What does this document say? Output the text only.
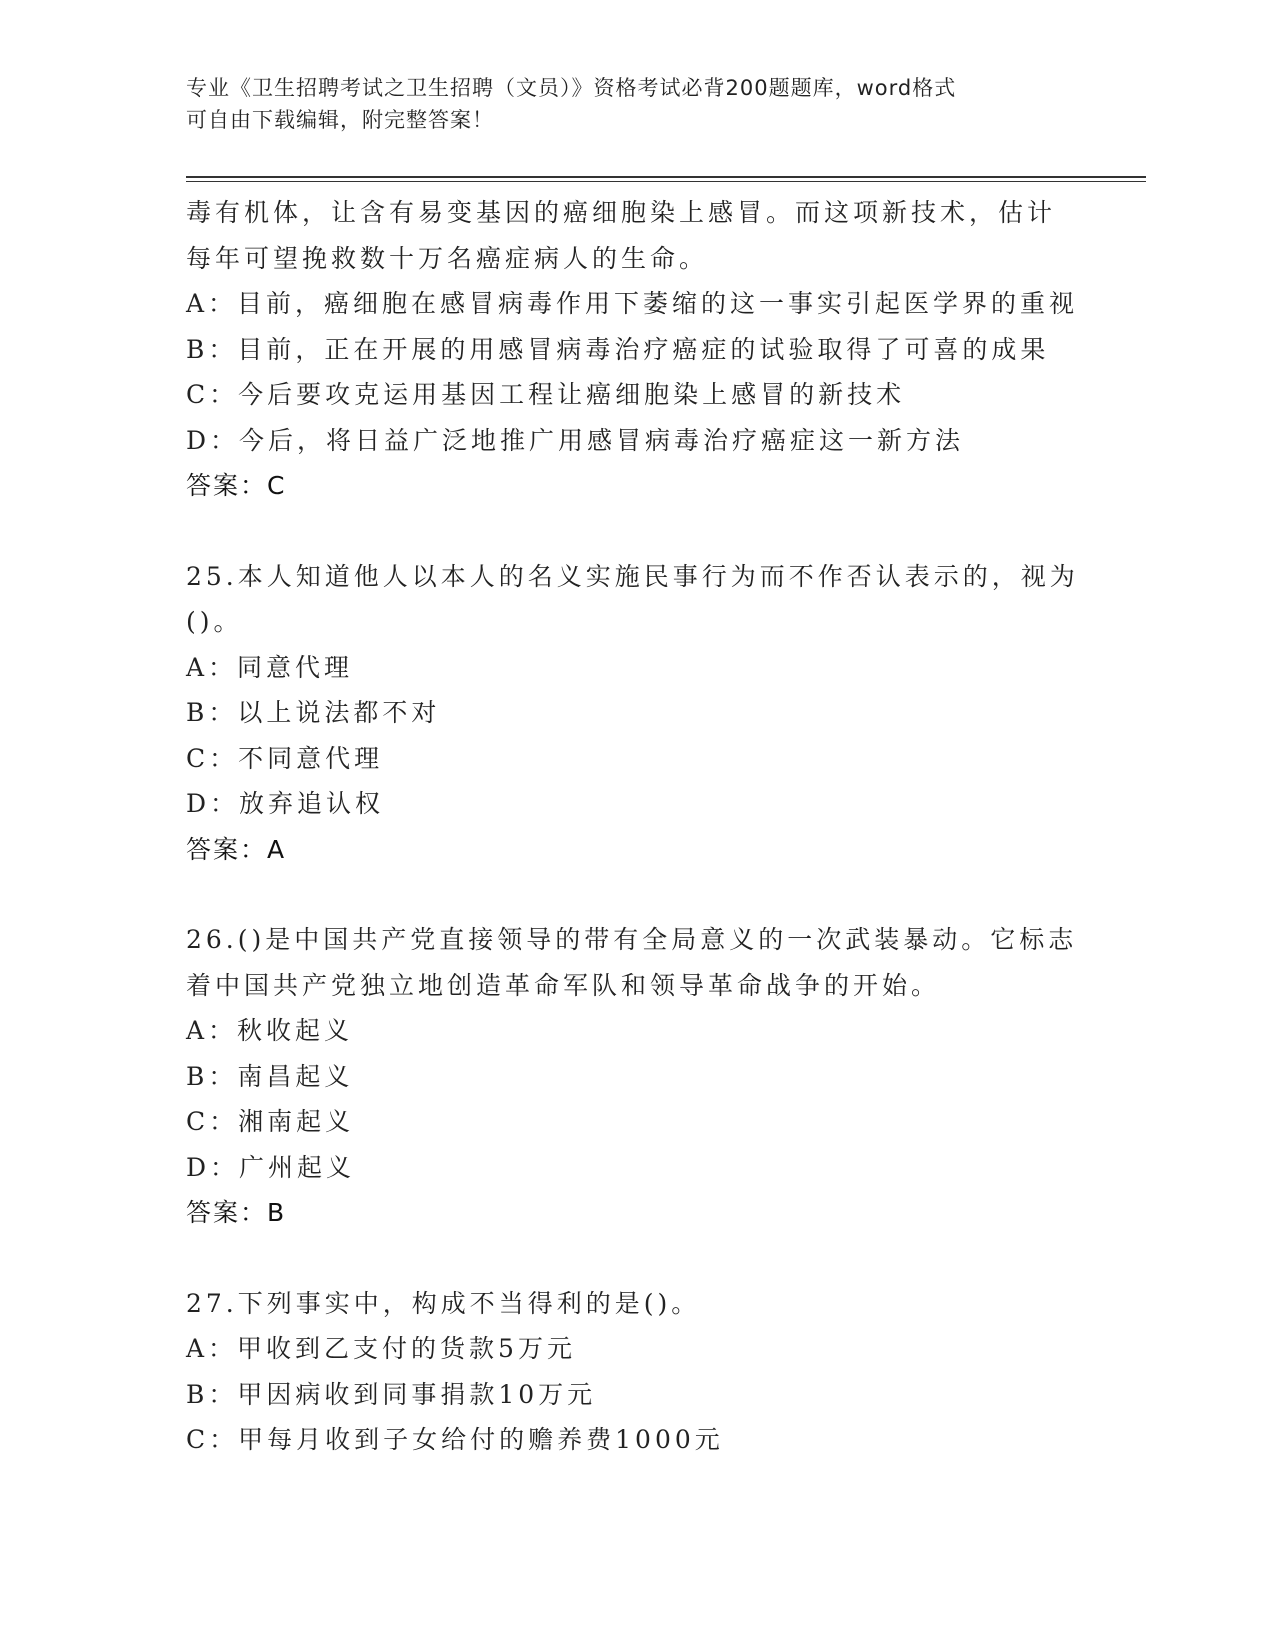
专业《卫生招聘考试之卫生招聘（文员）》资格考试必背200题题库，word格式
可自由下载编辑，附完整答案！
毒有机体，让含有易变基因的癌细胞染上感冒。而这项新技术，估计
每年可望挽救数十万名癌症病人的生命。
A：目前，癌细胞在感冒病毒作用下萎缩的这一事实引起医学界的重视
B：目前，正在开展的用感冒病毒治疗癌症的试验取得了可喜的成果
C：今后要攻克运用基因工程让癌细胞染上感冒的新技术
D：今后，将日益广泛地推广用感冒病毒治疗癌症这一新方法
答案：C
25.本人知道他人以本人的名义实施民事行为而不作否认表示的，视为
()。
A：同意代理
B：以上说法都不对
C：不同意代理
D：放弃追认权
答案：A
26.()是中国共产党直接领导的带有全局意义的一次武装暴动。它标志
着中国共产党独立地创造革命军队和领导革命战争的开始。
A：秋收起义
B：南昌起义
C：湘南起义
D：广州起义
答案：B
27.下列事实中，构成不当得利的是()。
A：甲收到乙支付的货款5万元
B：甲因病收到同事捐款10万元
C：甲每月收到子女给付的赡养费1000元
